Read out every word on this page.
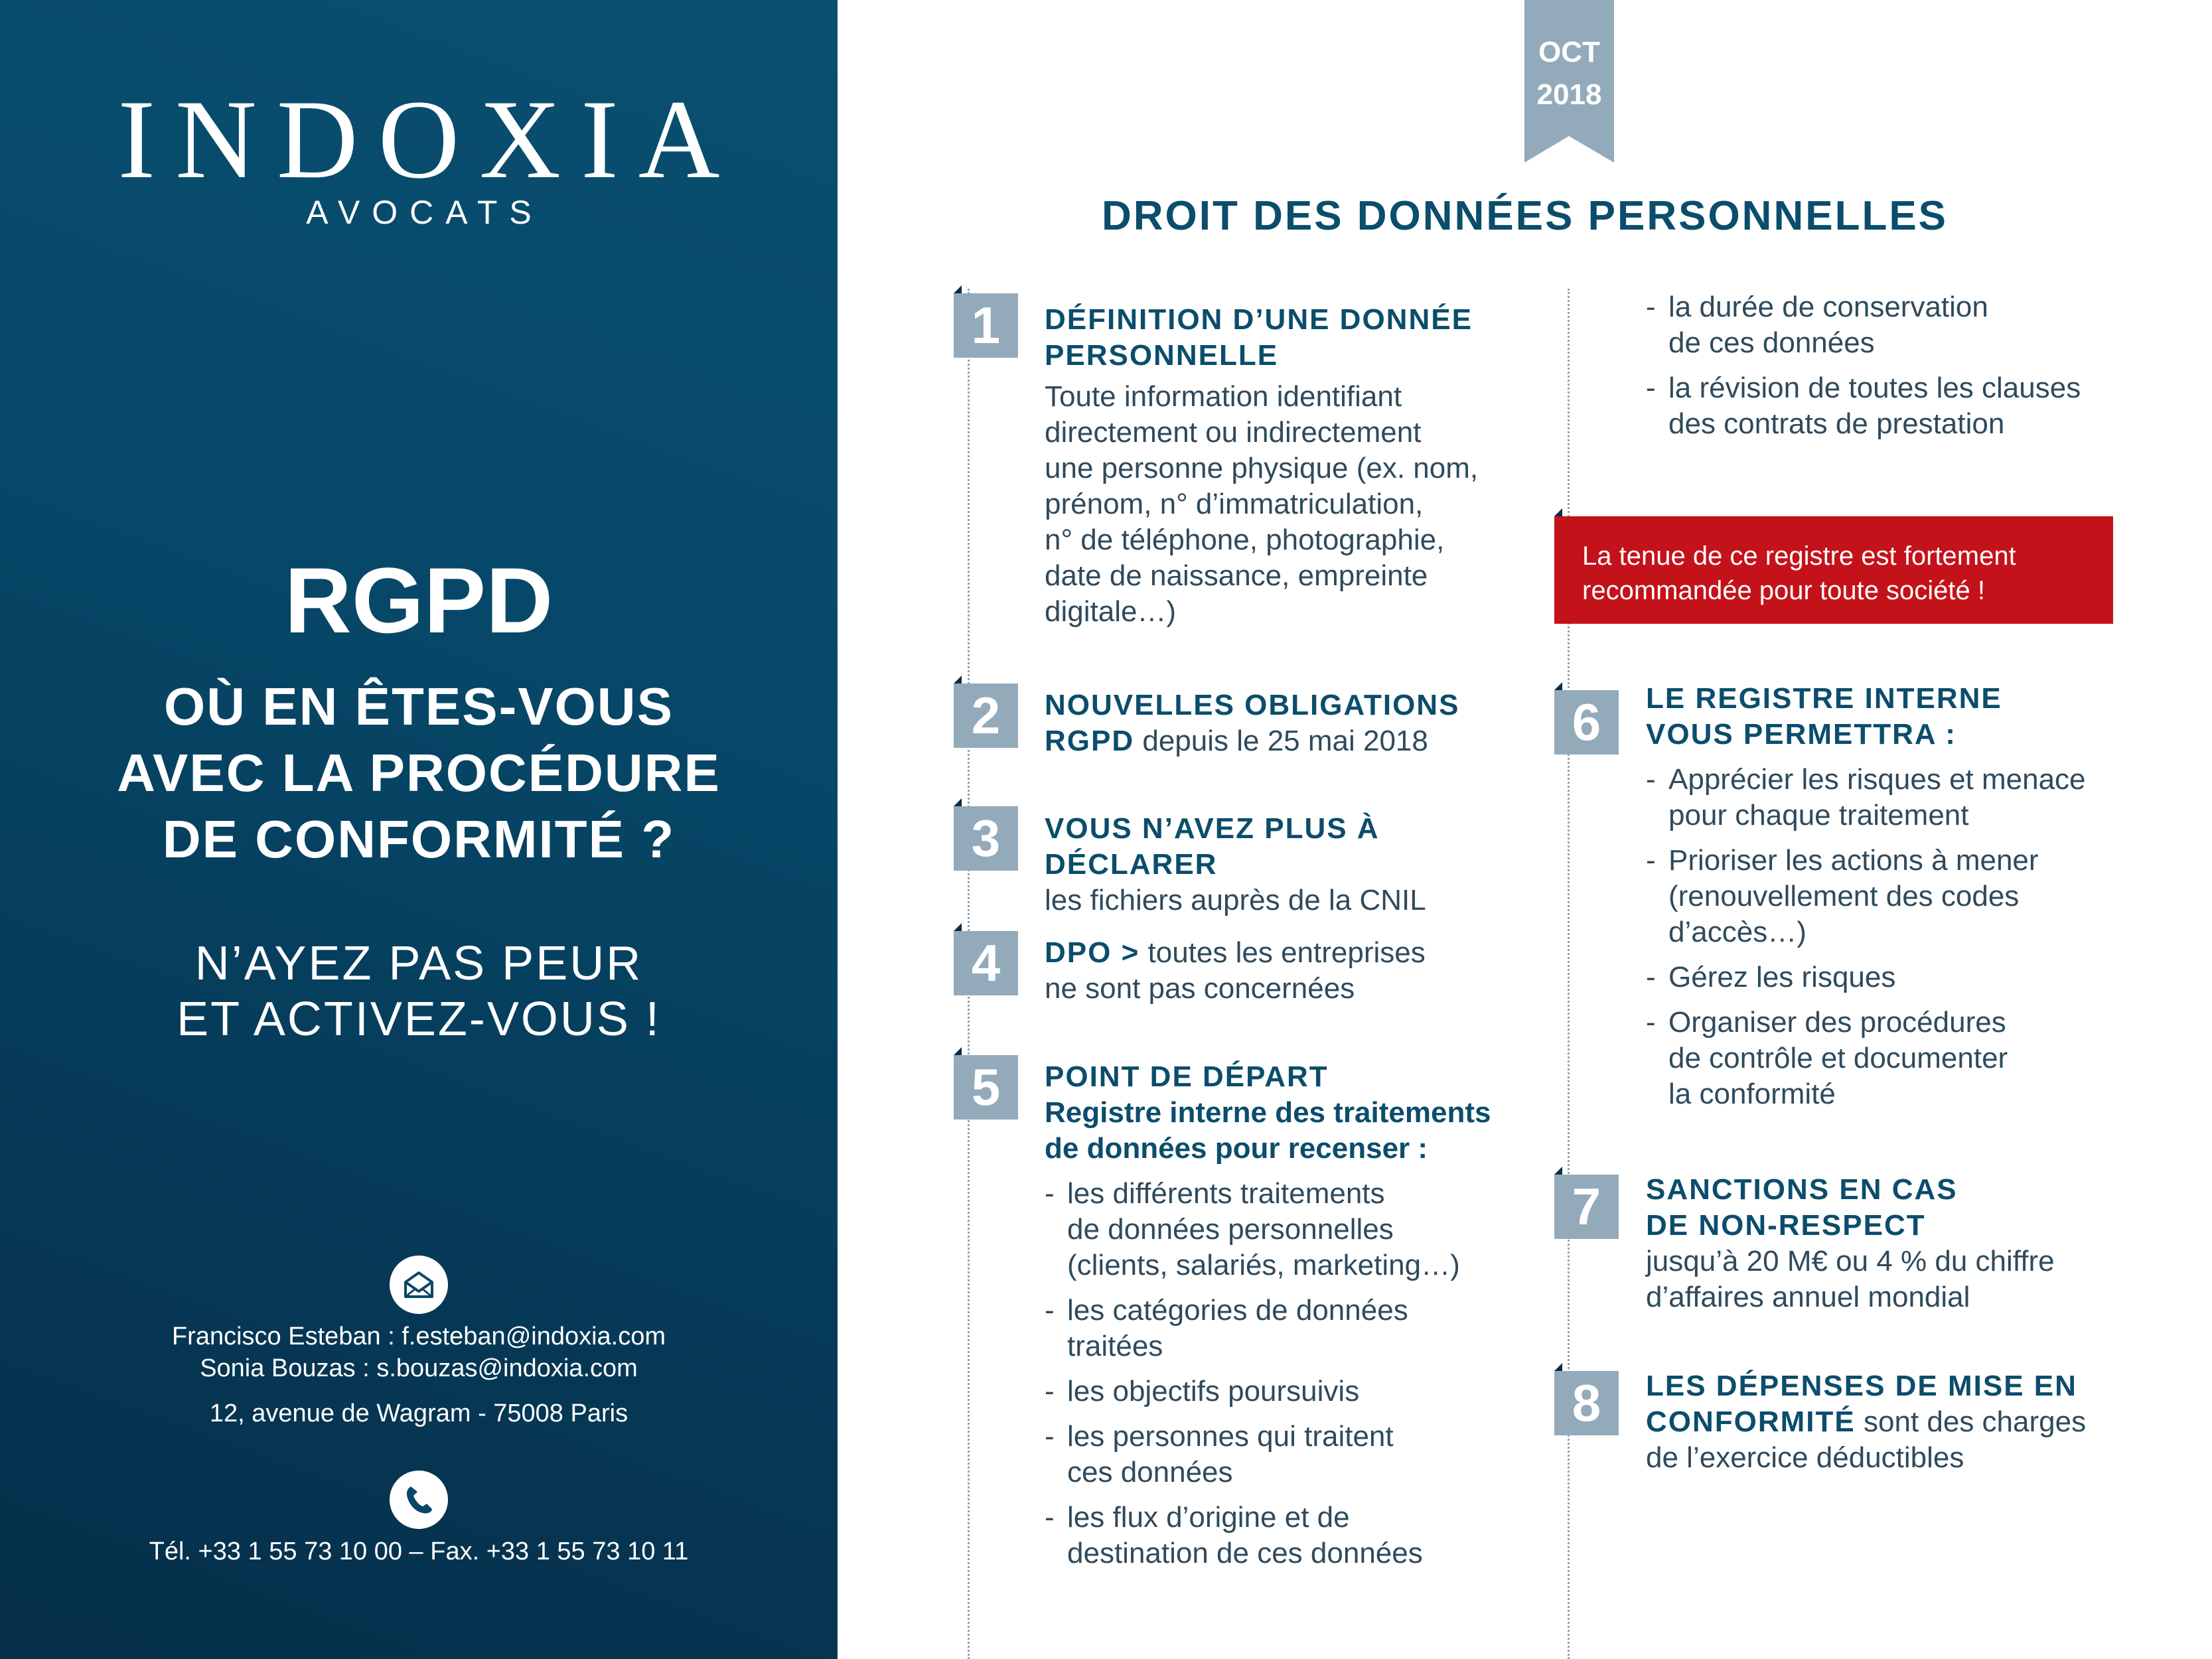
INDOXIA
AVOCATS
RGPD
OÙ EN ÊTES-VOUS
AVEC LA PROCÉDURE
DE CONFORMITÉ ?
N’AYEZ PAS PEUR
ET ACTIVEZ-VOUS !
Francisco Esteban : f.esteban@indoxia.com
Sonia Bouzas : s.bouzas@indoxia.com
12, avenue de Wagram - 75008 Paris
Tél. +33 1 55 73 10 00 – Fax. +33 1 55 73 10 11
OCT
2018
DROIT DES DONNÉES PERSONNELLES
1	DÉFINITION D’UNE DONNÉE
PERSONNELLE
Toute information identifiant
directement ou indirectement
une personne physique (ex. nom,
prénom, n° d’immatriculation,
n° de téléphone, photographie,
date de naissance, empreinte
digitale…)
2	NOUVELLES OBLIGATIONS
RGPD depuis le 25 mai 2018
3	VOUS N’AVEZ PLUS À DÉCLARER
les fichiers auprès de la CNIL
4	DPO > toutes les entreprises
ne sont pas concernées
5	POINT DE DÉPART
Registre interne des traitements
de données pour recenser :
- les différents traitements
de données personnelles
(clients, salariés, marketing…)
- les catégories de données
traitées
- les objectifs poursuivis
- les personnes qui traitent
ces données
- les flux d’origine et de
destination de ces données
- la durée de conservation
de ces données
- la révision de toutes les clauses
des contrats de prestation
La tenue de ce registre est fortement
recommandée pour toute société !
6	LE REGISTRE INTERNE
VOUS PERMETTRA :
- Apprécier les risques et menace
pour chaque traitement
- Prioriser les actions à mener
(renouvellement des codes
d’accès…)
- Gérez les risques
- Organiser des procédures
de contrôle et documenter
la conformité
7	SANCTIONS EN CAS
DE NON-RESPECT
jusqu’à 20 M€ ou 4 % du chiffre
d’affaires annuel mondial
8	LES DÉPENSES DE MISE EN
CONFORMITÉ sont des charges
de l’exercice déductibles
